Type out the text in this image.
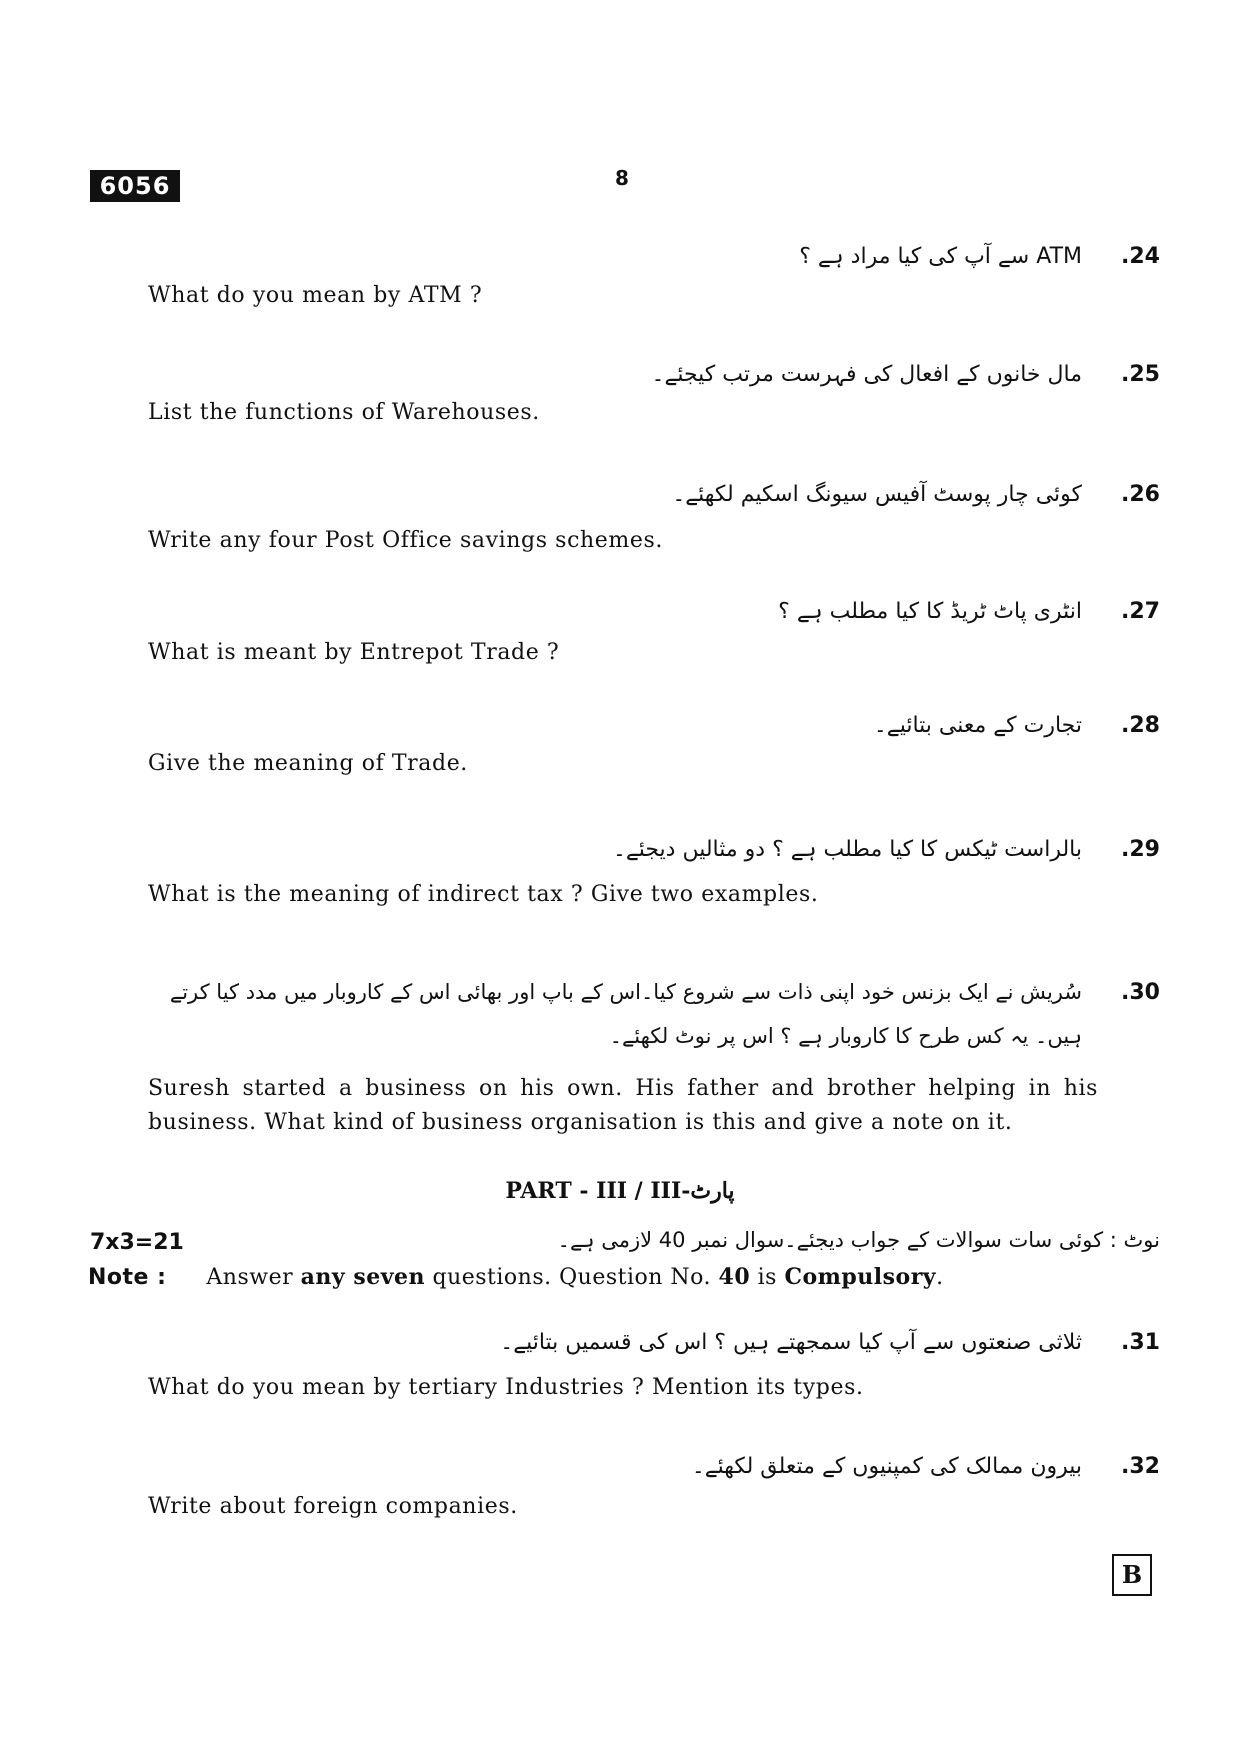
6056	8
ATM سے آپ کی کیا مراد ہے ؟	.24
What do you mean by ATM ?
مال خانوں کے افعال کی فہرست مرتب کیجئے۔	.25
List the functions of Warehouses.
کوئی چار پوسٹ آفیس سیونگ اسکیم لکھئے۔	.26
Write any four Post Office savings schemes.
انٹری پاٹ ٹریڈ کا کیا مطلب ہے ؟	.27
What is meant by Entrepot Trade ?
تجارت کے معنی بتائیے۔	.28
Give the meaning of Trade.
بالراست ٹیکس کا کیا مطلب ہے ؟ دو مثالیں دیجئے۔	.29
What is the meaning of indirect tax ? Give two examples.
.30
سُریش نے ایک بزنس خود اپنی ذات سے شروع کیا۔اس کے باپ اور بھائی اس کے کاروبار میں مدد کیا کرتے ہیں۔ یہ کس طرح کا کاروبار ہے ؟ اس پر نوٹ لکھئے۔
Suresh started a business on his own. His father and brother helping in his business. What kind of business organisation is this and give a note on it.
PART - III / III-پارٹ
7x3=21	نوٹ : کوئی سات سوالات کے جواب دیجئے۔سوال نمبر 40 لازمی ہے۔
Note : Answer any seven questions. Question No. 40 is Compulsory.
ثلاثی صنعتوں سے آپ کیا سمجھتے ہیں ؟ اس کی قسمیں بتائیے۔	.31
What do you mean by tertiary Industries ? Mention its types.
بیرون ممالک کی کمپنیوں کے متعلق لکھئے۔	.32
Write about foreign companies.
B
